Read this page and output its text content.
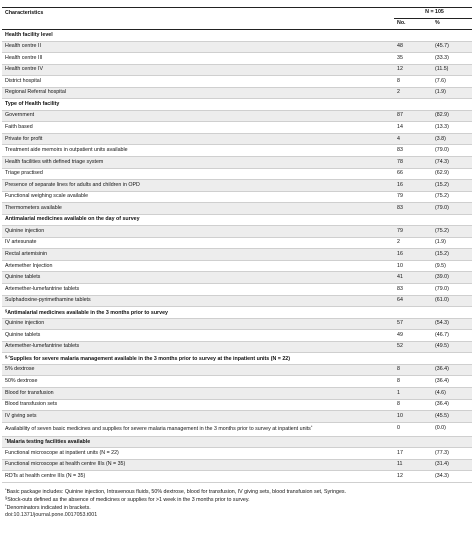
Characteristics	N = 105	
	No.	%
Health facility level		
Health centre II	48	(45.7)
Health centre III	35	(33.3)
Health centre IV	12	(11.5)
District hospital	8	(7.6)
Regional Referral hospital	2	(1.9)
Type of Health facility		
Government	87	(82.9)
Faith based	14	(13.3)
Private for profit	4	(3.8)
Treatment aide memoirs in outpatient units available	83	(79.0)
Health facilities with defined triage system	78	(74.3)
Triage practised	66	(62.9)
Presence of separate lines for adults and children in OPD	16	(15.2)
Functional weighing scale available	79	(75.2)
Thermometers available	83	(79.0)
Antimalarial medicines available on the day of survey		
Quinine injection	79	(75.2)
IV artesunate	2	(1.9)
Rectal artemisinin	16	(15.2)
Artemether Injection	10	(9.5)
Quinine tablets	41	(39.0)
Artemether-lumefantrine tablets	83	(79.0)
Sulphadoxine-pyrimethamine tablets	64	(61.0)
§Antimalarial medicines available in the 3 months prior to survey		
Quinine injection	57	(54.3)
Quinine tablets	49	(46.7)
Artemether-lumefantrine tablets	52	(49.5)
§,*Supplies for severe malaria management available in the 3 months prior to survey at the inpatient units (N = 22)		
5% dextrose	8	(36.4)
50% dextrose	8	(36.4)
Blood for transfusion	1	(4.6)
Blood transfusion sets	8	(36.4)
IV giving sets	10	(45.5)
Availability of seven basic medicines and supplies for severe malaria management in the 3 months prior to survey at inpatient units*	0	(0.0)
*Malaria testing facilities available		
Functional microscope at inpatient units (N = 22)	17	(77.3)
Functional microscope at health centre IIIs (N = 35)	11	(31.4)
RDTs at health centre IIIs (N = 35)	12	(34.3)
*Basic package includes: Quinine injection, Intravenous fluids, 50% dextrose, blood for transfusion, IV giving sets, blood transfusion set, Syringes.
§Stock-outs defined as the absence of medicines or supplies for >1 week in the 3 months prior to survey.
*Denominators indicated in brackets.
doi:10.1371/journal.pone.0017053.t001
